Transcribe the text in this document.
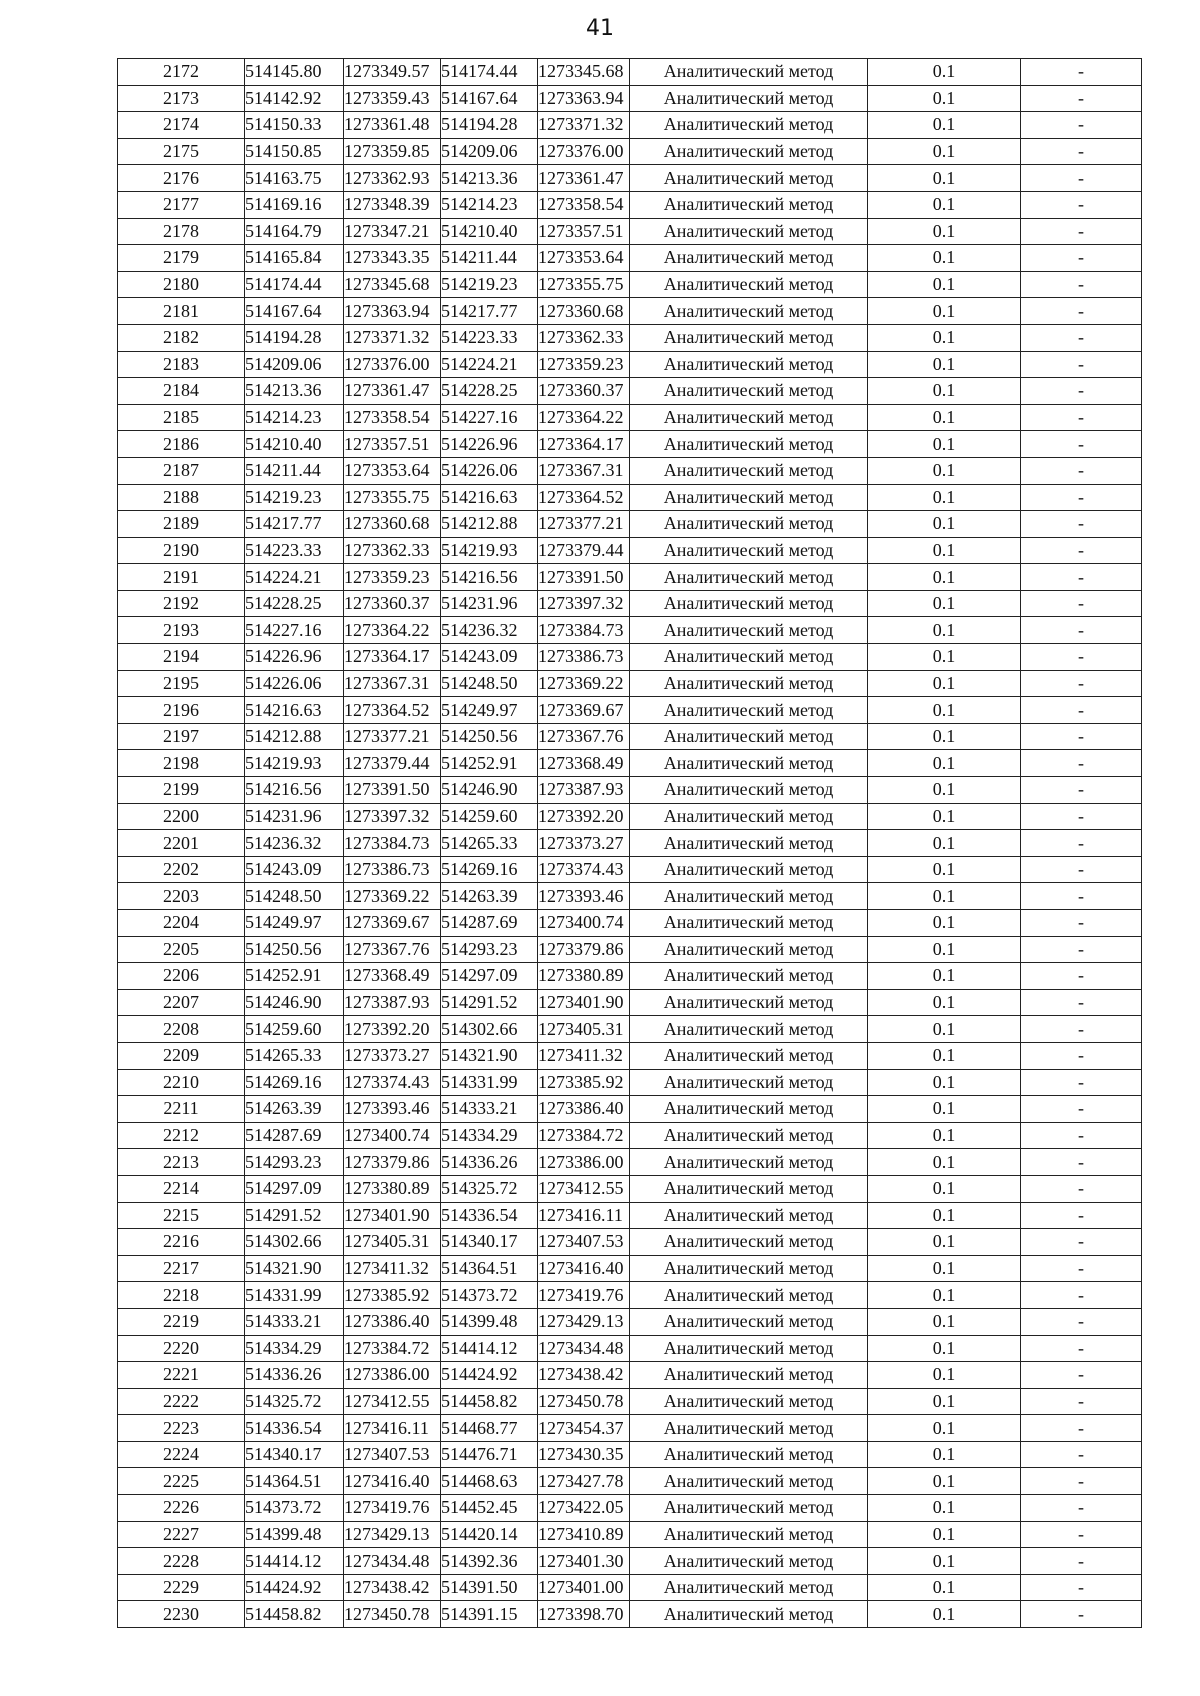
41
2172	514145.80	1273349.57	514174.44	1273345.68	Аналитический метод	0.1	-
2173	514142.92	1273359.43	514167.64	1273363.94	Аналитический метод	0.1	-
2174	514150.33	1273361.48	514194.28	1273371.32	Аналитический метод	0.1	-
2175	514150.85	1273359.85	514209.06	1273376.00	Аналитический метод	0.1	-
2176	514163.75	1273362.93	514213.36	1273361.47	Аналитический метод	0.1	-
2177	514169.16	1273348.39	514214.23	1273358.54	Аналитический метод	0.1	-
2178	514164.79	1273347.21	514210.40	1273357.51	Аналитический метод	0.1	-
2179	514165.84	1273343.35	514211.44	1273353.64	Аналитический метод	0.1	-
2180	514174.44	1273345.68	514219.23	1273355.75	Аналитический метод	0.1	-
2181	514167.64	1273363.94	514217.77	1273360.68	Аналитический метод	0.1	-
2182	514194.28	1273371.32	514223.33	1273362.33	Аналитический метод	0.1	-
2183	514209.06	1273376.00	514224.21	1273359.23	Аналитический метод	0.1	-
2184	514213.36	1273361.47	514228.25	1273360.37	Аналитический метод	0.1	-
2185	514214.23	1273358.54	514227.16	1273364.22	Аналитический метод	0.1	-
2186	514210.40	1273357.51	514226.96	1273364.17	Аналитический метод	0.1	-
2187	514211.44	1273353.64	514226.06	1273367.31	Аналитический метод	0.1	-
2188	514219.23	1273355.75	514216.63	1273364.52	Аналитический метод	0.1	-
2189	514217.77	1273360.68	514212.88	1273377.21	Аналитический метод	0.1	-
2190	514223.33	1273362.33	514219.93	1273379.44	Аналитический метод	0.1	-
2191	514224.21	1273359.23	514216.56	1273391.50	Аналитический метод	0.1	-
2192	514228.25	1273360.37	514231.96	1273397.32	Аналитический метод	0.1	-
2193	514227.16	1273364.22	514236.32	1273384.73	Аналитический метод	0.1	-
2194	514226.96	1273364.17	514243.09	1273386.73	Аналитический метод	0.1	-
2195	514226.06	1273367.31	514248.50	1273369.22	Аналитический метод	0.1	-
2196	514216.63	1273364.52	514249.97	1273369.67	Аналитический метод	0.1	-
2197	514212.88	1273377.21	514250.56	1273367.76	Аналитический метод	0.1	-
2198	514219.93	1273379.44	514252.91	1273368.49	Аналитический метод	0.1	-
2199	514216.56	1273391.50	514246.90	1273387.93	Аналитический метод	0.1	-
2200	514231.96	1273397.32	514259.60	1273392.20	Аналитический метод	0.1	-
2201	514236.32	1273384.73	514265.33	1273373.27	Аналитический метод	0.1	-
2202	514243.09	1273386.73	514269.16	1273374.43	Аналитический метод	0.1	-
2203	514248.50	1273369.22	514263.39	1273393.46	Аналитический метод	0.1	-
2204	514249.97	1273369.67	514287.69	1273400.74	Аналитический метод	0.1	-
2205	514250.56	1273367.76	514293.23	1273379.86	Аналитический метод	0.1	-
2206	514252.91	1273368.49	514297.09	1273380.89	Аналитический метод	0.1	-
2207	514246.90	1273387.93	514291.52	1273401.90	Аналитический метод	0.1	-
2208	514259.60	1273392.20	514302.66	1273405.31	Аналитический метод	0.1	-
2209	514265.33	1273373.27	514321.90	1273411.32	Аналитический метод	0.1	-
2210	514269.16	1273374.43	514331.99	1273385.92	Аналитический метод	0.1	-
2211	514263.39	1273393.46	514333.21	1273386.40	Аналитический метод	0.1	-
2212	514287.69	1273400.74	514334.29	1273384.72	Аналитический метод	0.1	-
2213	514293.23	1273379.86	514336.26	1273386.00	Аналитический метод	0.1	-
2214	514297.09	1273380.89	514325.72	1273412.55	Аналитический метод	0.1	-
2215	514291.52	1273401.90	514336.54	1273416.11	Аналитический метод	0.1	-
2216	514302.66	1273405.31	514340.17	1273407.53	Аналитический метод	0.1	-
2217	514321.90	1273411.32	514364.51	1273416.40	Аналитический метод	0.1	-
2218	514331.99	1273385.92	514373.72	1273419.76	Аналитический метод	0.1	-
2219	514333.21	1273386.40	514399.48	1273429.13	Аналитический метод	0.1	-
2220	514334.29	1273384.72	514414.12	1273434.48	Аналитический метод	0.1	-
2221	514336.26	1273386.00	514424.92	1273438.42	Аналитический метод	0.1	-
2222	514325.72	1273412.55	514458.82	1273450.78	Аналитический метод	0.1	-
2223	514336.54	1273416.11	514468.77	1273454.37	Аналитический метод	0.1	-
2224	514340.17	1273407.53	514476.71	1273430.35	Аналитический метод	0.1	-
2225	514364.51	1273416.40	514468.63	1273427.78	Аналитический метод	0.1	-
2226	514373.72	1273419.76	514452.45	1273422.05	Аналитический метод	0.1	-
2227	514399.48	1273429.13	514420.14	1273410.89	Аналитический метод	0.1	-
2228	514414.12	1273434.48	514392.36	1273401.30	Аналитический метод	0.1	-
2229	514424.92	1273438.42	514391.50	1273401.00	Аналитический метод	0.1	-
2230	514458.82	1273450.78	514391.15	1273398.70	Аналитический метод	0.1	-
